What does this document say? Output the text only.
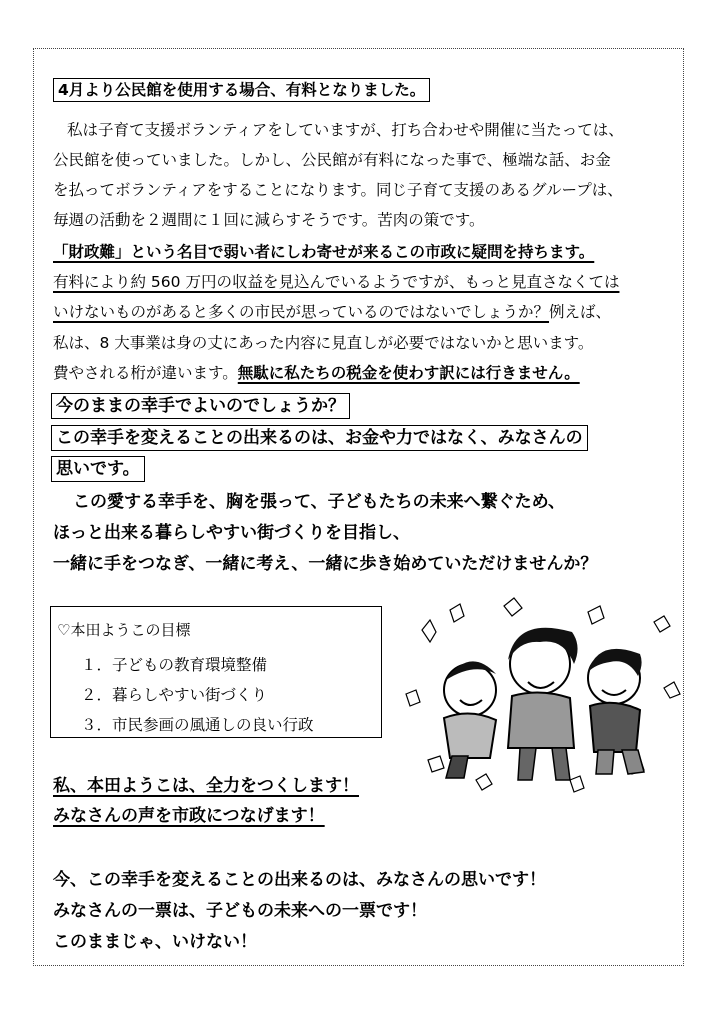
4月より公民館を使用する場合、有料となりました。
私は子育て支援ボランティアをしていますが、打ち合わせや開催に当たっては、
公民館を使っていました。しかし、公民館が有料になった事で、極端な話、お金
を払ってボランティアをすることになります。同じ子育て支援のあるグループは、
毎週の活動を２週間に１回に減らすそうです。苦肉の策です。
「財政難」という名目で弱い者にしわ寄せが来るこの市政に疑問を持ちます。
有料により約 560 万円の収益を見込んでいるようですが、もっと見直さなくては
いけないものがあると多くの市民が思っているのではないでしょうか？例えば、
私は、8 大事業は身の丈にあった内容に見直しが必要ではないかと思います。
費やされる桁が違います。無駄に私たちの税金を使わす訳には行きません。
今のままの幸手でよいのでしょうか？
この幸手を変えることの出来るのは、お金や力ではなく、みなさんの
思いです。
この愛する幸手を、胸を張って、子どもたちの未来へ繋ぐため、
ほっと出来る暮らしやすい街づくりを目指し、
一緒に手をつなぎ、一緒に考え、一緒に歩き始めていただけませんか？
♡本田ようこの目標
１．子どもの教育環境整備
２．暮らしやすい街づくり
３．市民参画の風通しの良い行政
私、本田ようこは、全力をつくします！
みなさんの声を市政につなげます！
今、この幸手を変えることの出来るのは、みなさんの思いです！
みなさんの一票は、子どもの未来への一票です！
このままじゃ、いけない！
